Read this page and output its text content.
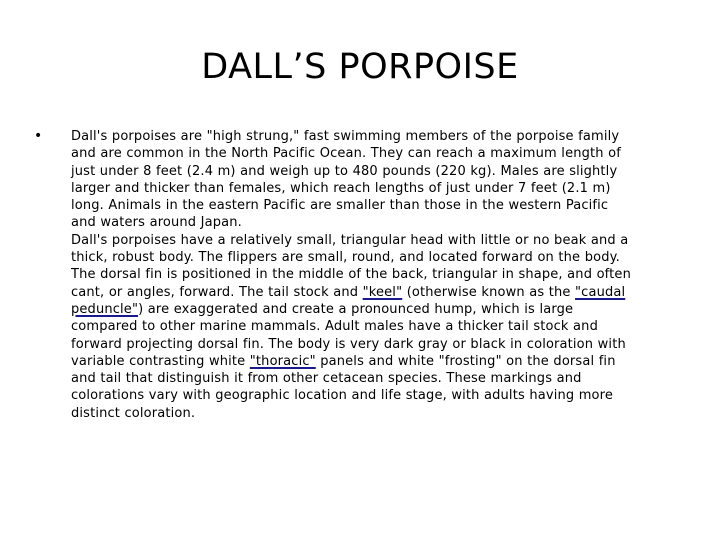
DALL’S PORPOISE
• Dall's porpoises are "high strung," fast swimming members of the porpoise family
and are common in the North Pacific Ocean. They can reach a maximum length of
just under 8 feet (2.4 m) and weigh up to 480 pounds (220 kg). Males are slightly
larger and thicker than females, which reach lengths of just under 7 feet (2.1 m)
long. Animals in the eastern Pacific are smaller than those in the western Pacific
and waters around Japan.
Dall's porpoises have a relatively small, triangular head with little or no beak and a
thick, robust body. The flippers are small, round, and located forward on the body.
The dorsal fin is positioned in the middle of the back, triangular in shape, and often
cant, or angles, forward. The tail stock and "keel" (otherwise known as the "caudal
peduncle") are exaggerated and create a pronounced hump, which is large
compared to other marine mammals. Adult males have a thicker tail stock and
forward projecting dorsal fin. The body is very dark gray or black in coloration with
variable contrasting white "thoracic" panels and white "frosting" on the dorsal fin
and tail that distinguish it from other cetacean species. These markings and
colorations vary with geographic location and life stage, with adults having more
distinct coloration.
